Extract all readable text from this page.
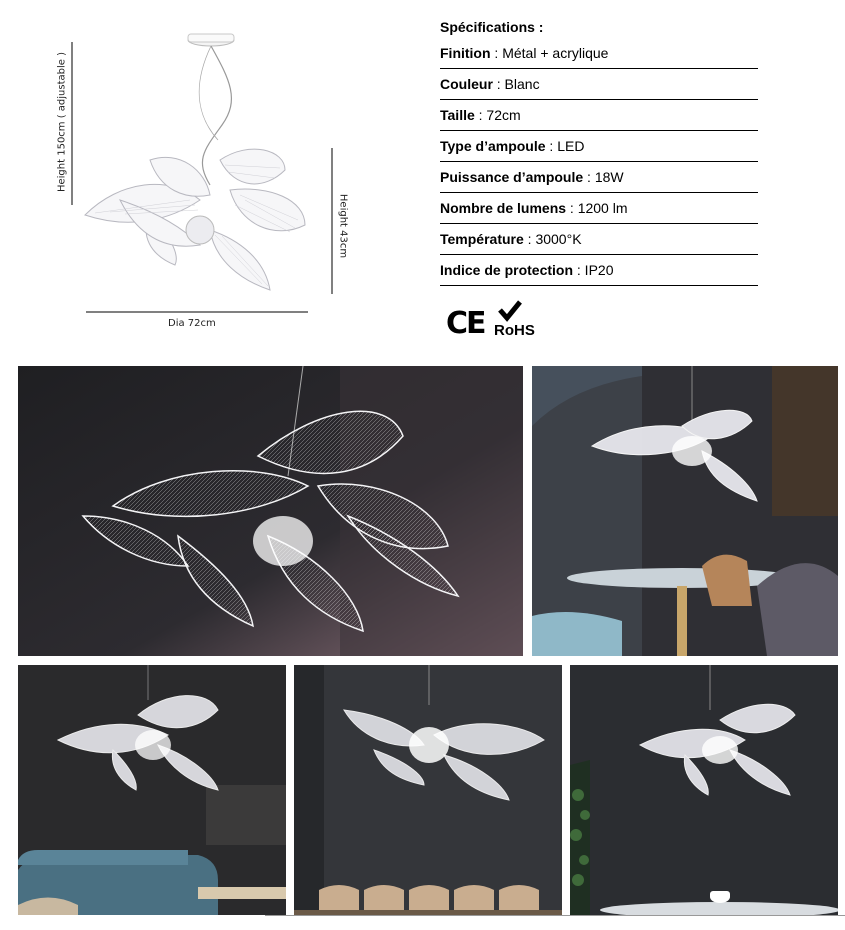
Height 150cm ( adjustable )
Height 43cm
Dia 72cm
Spécifications :
Finition : Métal + acrylique
Couleur : Blanc
Taille : 72cm
Type d’ampoule : LED
Puissance d’ampoule : 18W
Nombre de lumens : 1200 lm
Température : 3000°K
Indice de protection : IP20
CE RoHS
